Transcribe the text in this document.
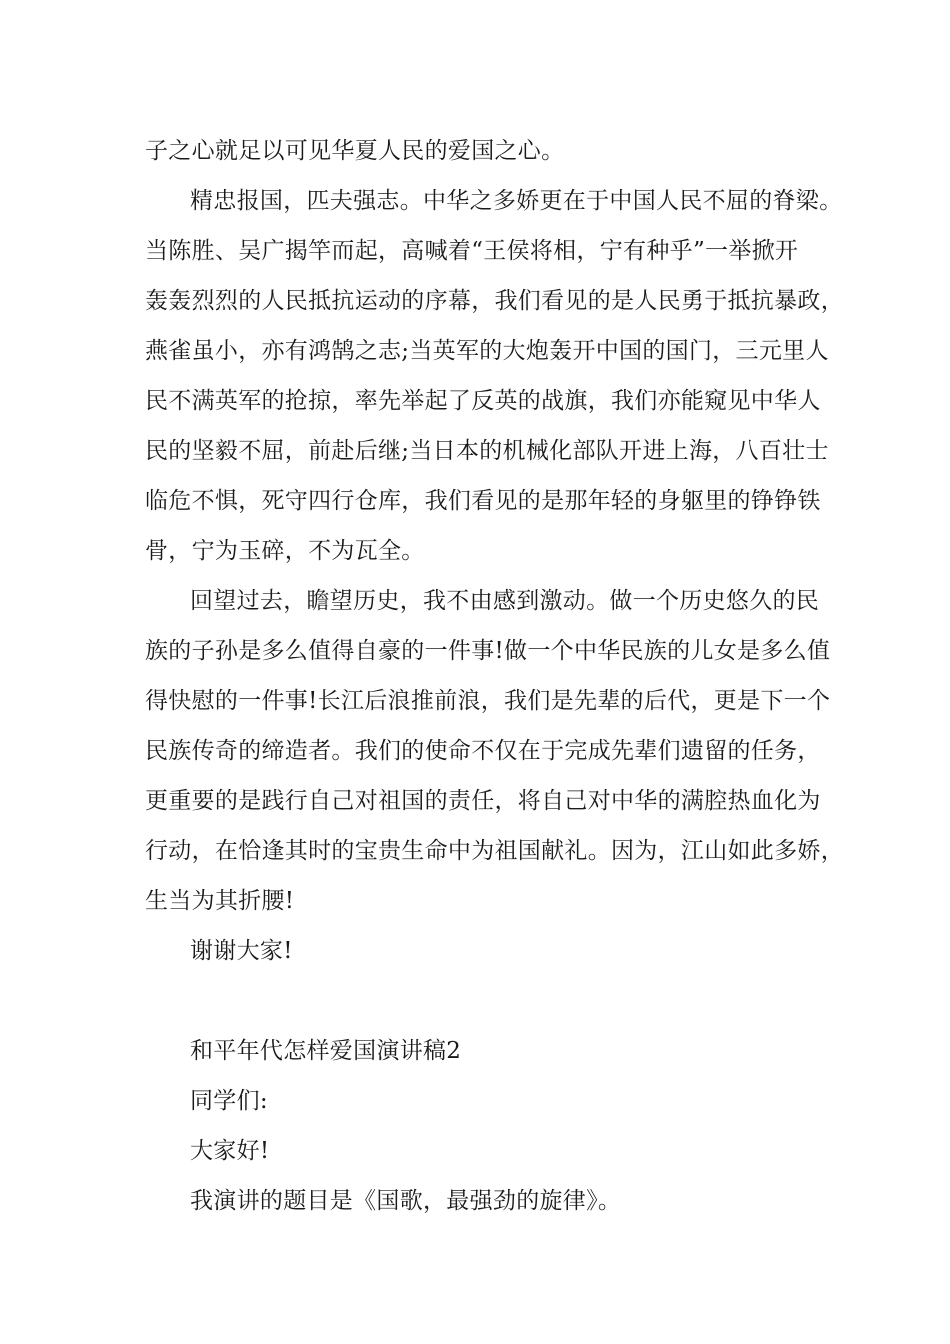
子之心就足以可见华夏人民的爱国之心。
精忠报国，匹夫强志。中华之多娇更在于中国人民不屈的脊梁。
当陈胜、吴广揭竿而起，高喊着“王侯将相，宁有种乎”一举掀开
轰轰烈烈的人民抵抗运动的序幕，我们看见的是人民勇于抵抗暴政，
燕雀虽小，亦有鸿鹄之志;当英军的大炮轰开中国的国门，三元里人
民不满英军的抢掠，率先举起了反英的战旗，我们亦能窥见中华人
民的坚毅不屈，前赴后继;当日本的机械化部队开进上海，八百壮士
临危不惧，死守四行仓库，我们看见的是那年轻的身躯里的铮铮铁
骨，宁为玉碎，不为瓦全。
回望过去，瞻望历史，我不由感到激动。做一个历史悠久的民
族的子孙是多么值得自豪的一件事!做一个中华民族的儿女是多么值
得快慰的一件事!长江后浪推前浪，我们是先辈的后代，更是下一个
民族传奇的缔造者。我们的使命不仅在于完成先辈们遗留的任务，
更重要的是践行自己对祖国的责任，将自己对中华的满腔热血化为
行动，在恰逢其时的宝贵生命中为祖国献礼。因为，江山如此多娇，
生当为其折腰!
谢谢大家!
和平年代怎样爱国演讲稿2
同学们:
大家好!
我演讲的题目是《国歌，最强劲的旋律》。
